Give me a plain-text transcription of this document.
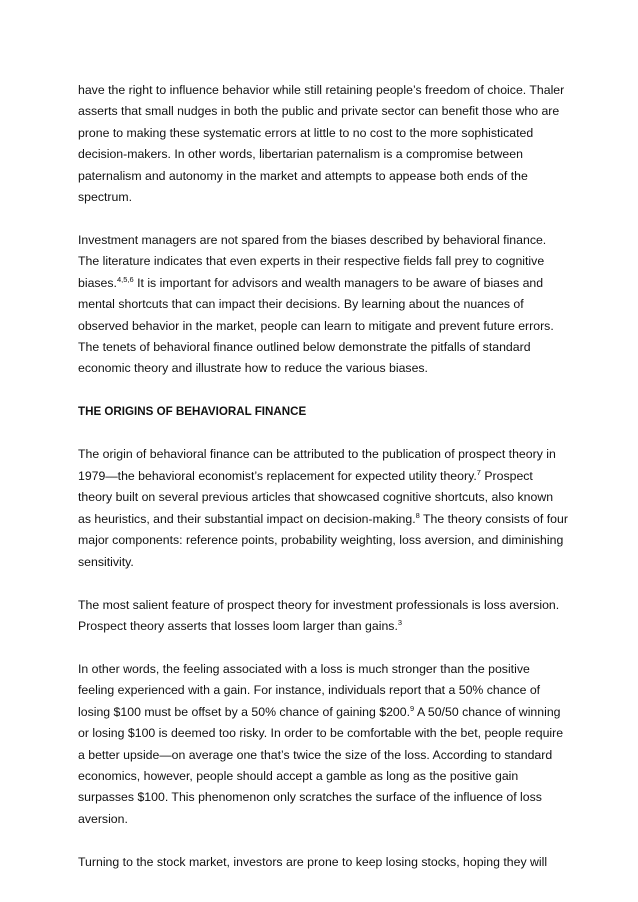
have the right to influence behavior while still retaining people’s freedom of choice. Thaler asserts that small nudges in both the public and private sector can benefit those who are prone to making these systematic errors at little to no cost to the more sophisticated decision-makers. In other words, libertarian paternalism is a compromise between paternalism and autonomy in the market and attempts to appease both ends of the spectrum.

Investment managers are not spared from the biases described by behavioral finance. The literature indicates that even experts in their respective fields fall prey to cognitive biases.$^{4,5,6}$ It is important for advisors and wealth managers to be aware of biases and mental shortcuts that can impact their decisions. By learning about the nuances of observed behavior in the market, people can learn to mitigate and prevent future errors. The tenets of behavioral finance outlined below demonstrate the pitfalls of standard economic theory and illustrate how to reduce the various biases.

THE ORIGINS OF BEHAVIORAL FINANCE

The origin of behavioral finance can be attributed to the publication of prospect theory in 1979—the behavioral economist’s replacement for expected utility theory.$^7$ Prospect theory built on several previous articles that showcased cognitive shortcuts, also known as heuristics, and their substantial impact on decision-making.$^8$ The theory consists of four major components: reference points, probability weighting, loss aversion, and diminishing sensitivity.

The most salient feature of prospect theory for investment professionals is loss aversion. Prospect theory asserts that losses loom larger than gains.$^3$

In other words, the feeling associated with a loss is much stronger than the positive feeling experienced with a gain. For instance, individuals report that a 50% chance of losing $100 must be offset by a 50% chance of gaining $200.$^9$ A 50/50 chance of winning or losing $100 is deemed too risky. In order to be comfortable with the bet, people require a better upside—on average one that’s twice the size of the loss. According to standard economics, however, people should accept a gamble as long as the positive gain surpasses $100. This phenomenon only scratches the surface of the influence of loss aversion.

Turning to the stock market, investors are prone to keep losing stocks, hoping they will
